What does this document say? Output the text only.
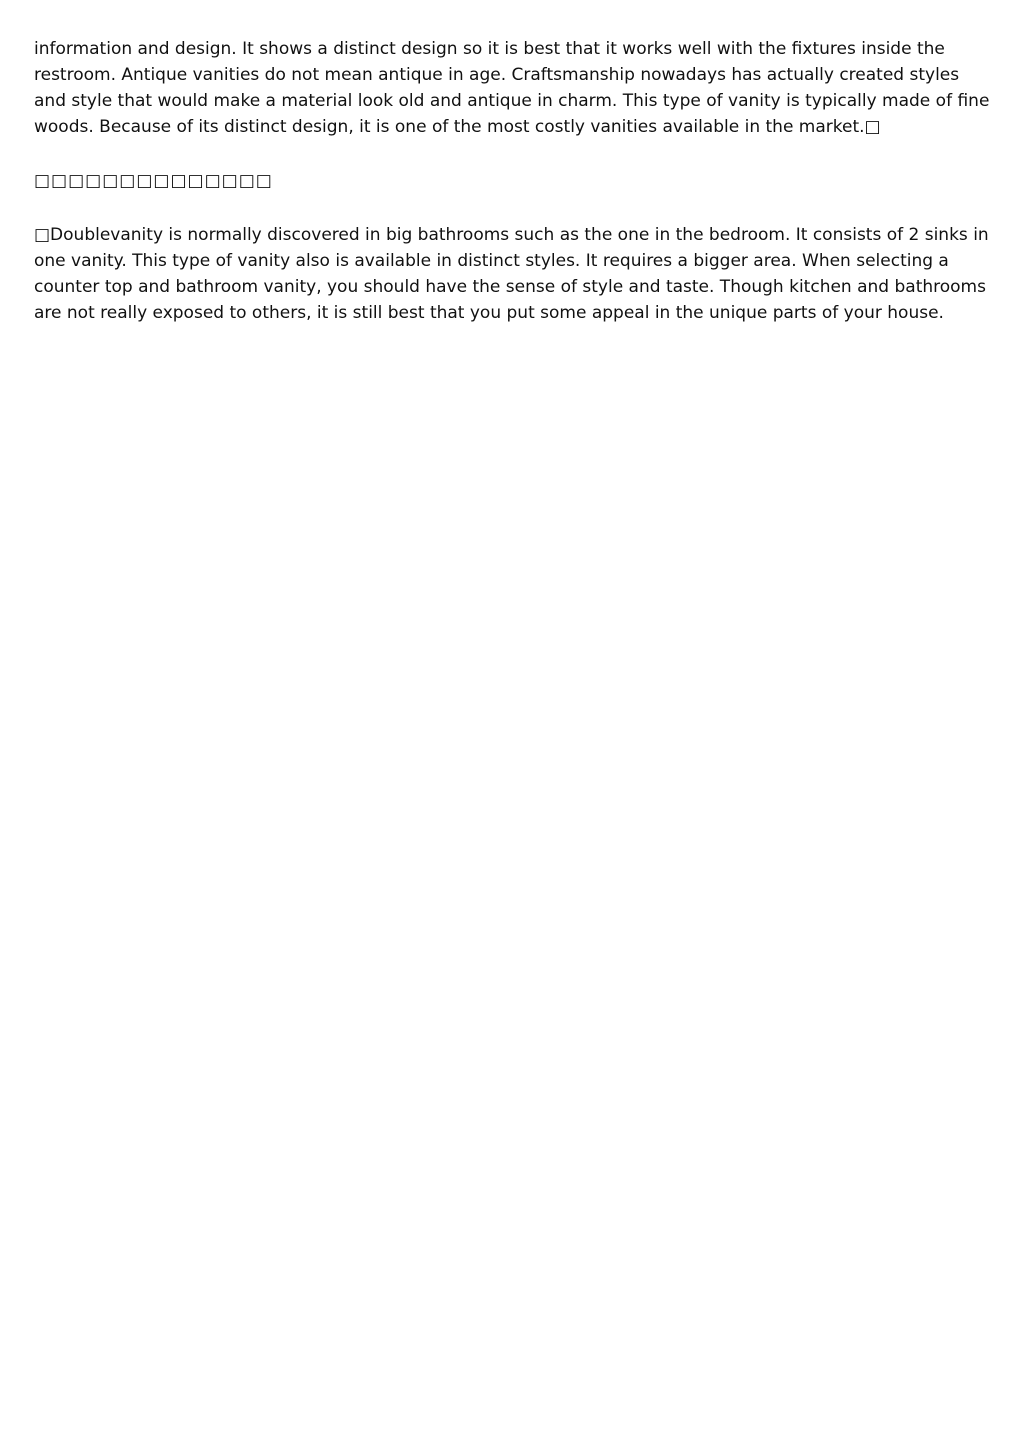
information and design. It shows a distinct design so it is best that it works well with the fixtures inside the restroom. Antique vanities do not mean antique in age. Craftsmanship nowadays has actually created styles and style that would make a material look old and antique in charm. This type of vanity is typically made of fine woods. Because of its distinct design, it is one of the most costly vanities available in the market.□

□□□□□□□□□□□□□□

□Doublevanity is normally discovered in big bathrooms such as the one in the bedroom. It consists of 2 sinks in one vanity. This type of vanity also is available in distinct styles. It requires a bigger area. When selecting a counter top and bathroom vanity, you should have the sense of style and taste. Though kitchen and bathrooms are not really exposed to others, it is still best that you put some appeal in the unique parts of your house.
